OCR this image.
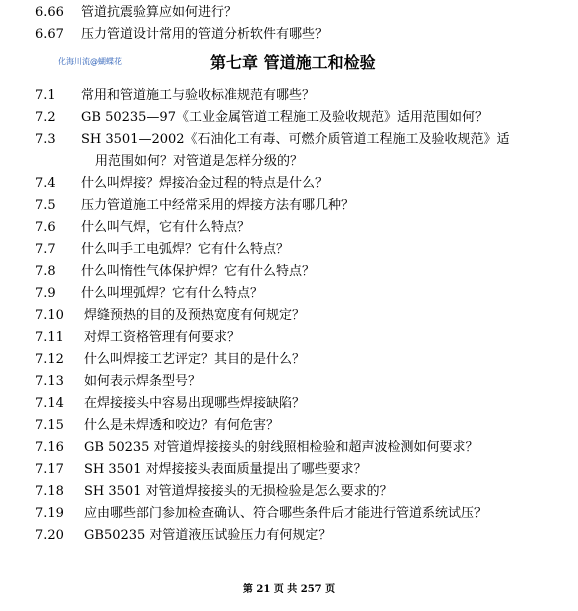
6.66 管道抗震验算应如何进行？
6.67 压力管道设计常用的管道分析软件有哪些？
化海川流@蝴蝶花	第七章 管道施工和检验
7.1 常用和管道施工与验收标准规范有哪些？
7.2 GB 50235—97《工业金属管道工程施工及验收规范》适用范围如何？
7.3 SH 3501—2002《石油化工有毒、可燃介质管道工程施工及验收规范》适
用范围如何？对管道是怎样分级的？
7.4 什么叫焊接？焊接冶金过程的特点是什么？
7.5 压力管道施工中经常采用的焊接方法有哪几种？
7.6 什么叫气焊，它有什么特点？
7.7 什么叫手工电弧焊？它有什么特点？
7.8 什么叫惰性气体保护焊？它有什么特点？
7.9 什么叫埋弧焊？它有什么特点？
7.10 焊缝预热的目的及预热宽度有何规定？
7.11 对焊工资格管理有何要求？
7.12 什么叫焊接工艺评定？其目的是什么？
7.13 如何表示焊条型号？
7.14 在焊接接头中容易出现哪些焊接缺陷？
7.15 什么是未焊透和咬边？有何危害？
7.16 GB 50235 对管道焊接接头的射线照相检验和超声波检测如何要求？
7.17 SH 3501 对焊接接头表面质量提出了哪些要求？
7.18 SH 3501 对管道焊接接头的无损检验是怎么要求的？
7.19 应由哪些部门参加检查确认、符合哪些条件后才能进行管道系统试压？
7.20 GB50235 对管道液压试验压力有何规定？
第 21 页 共 257 页
